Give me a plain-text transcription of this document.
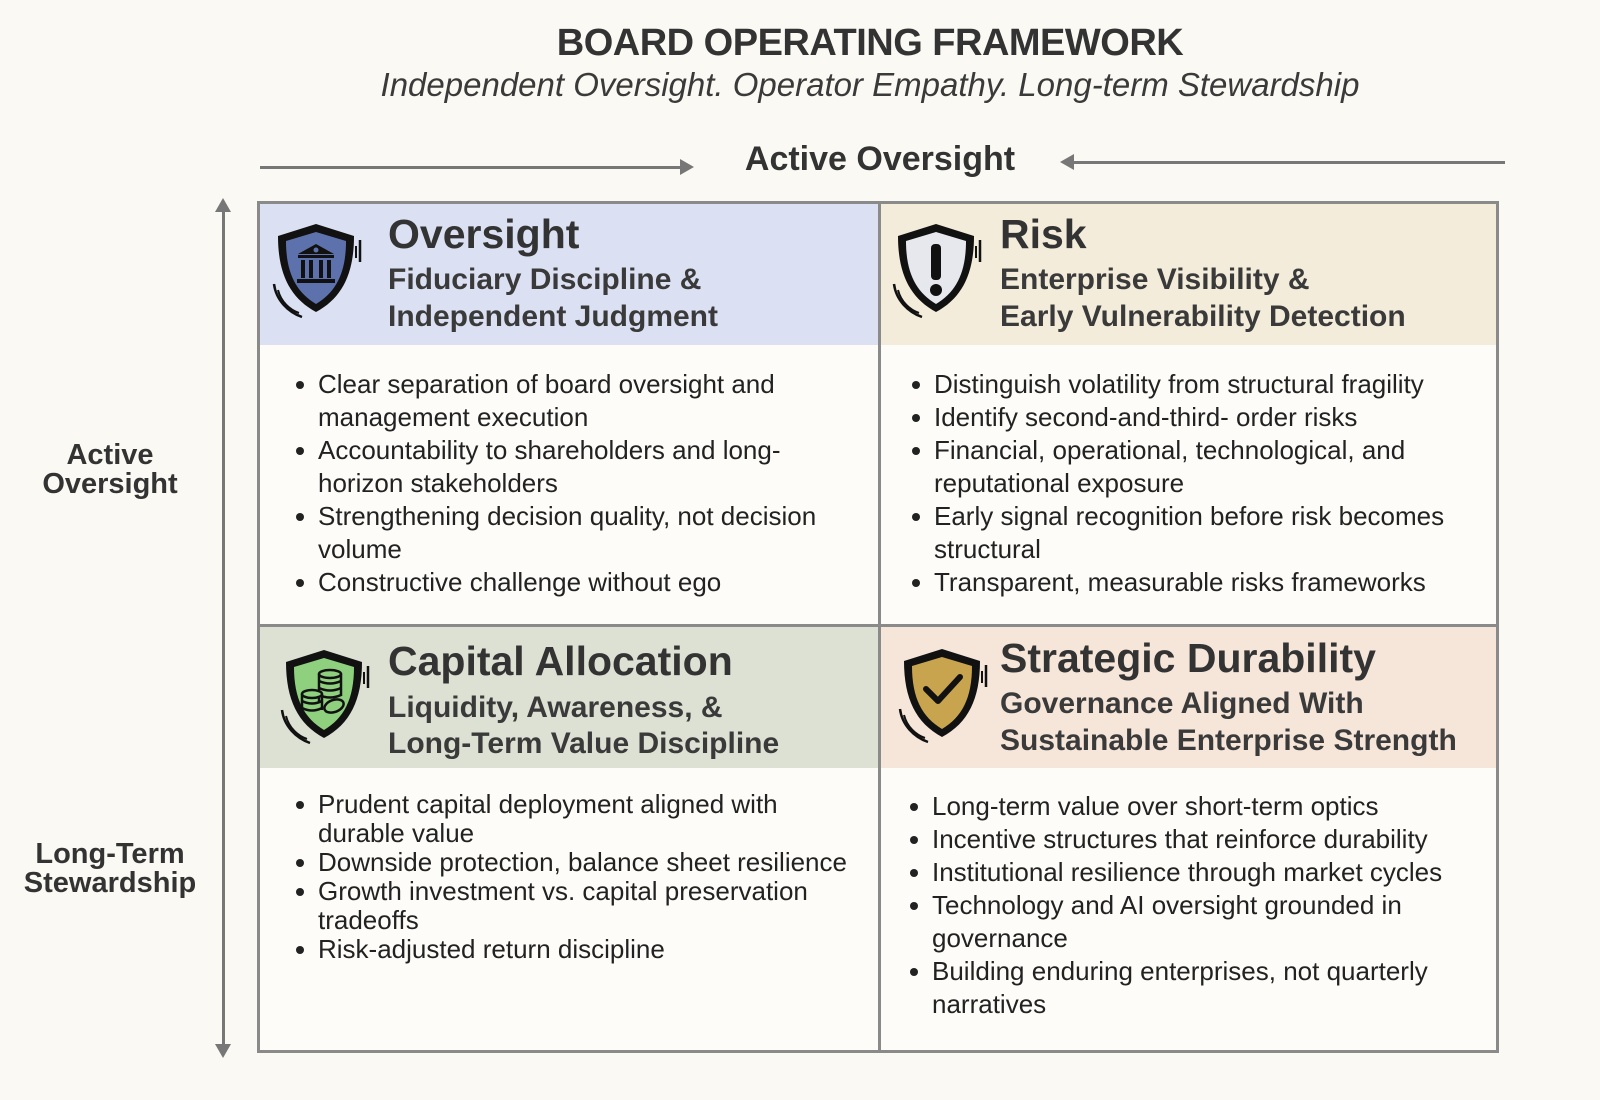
BOARD OPERATING FRAMEWORK
Independent Oversight. Operator Empathy. Long-term Stewardship
Active Oversight
Active
Oversight
Long-Term
Stewardship
Oversight
Fiduciary Discipline &
Independent Judgment
Clear separation of board oversight and management execution
Accountability to shareholders and long-horizon stakeholders
Strengthening decision quality, not decision volume
Constructive challenge without ego
Risk
Enterprise Visibility &
Early Vulnerability Detection
Distinguish volatility from structural fragility
Identify second-and-third- order risks
Financial, operational, technological, and reputational exposure
Early signal recognition before risk becomes structural
Transparent, measurable risks frameworks
Capital Allocation
Liquidity, Awareness, &
Long-Term Value Discipline
Prudent capital deployment aligned with durable value
Downside protection, balance sheet resilience
Growth investment vs. capital preservation tradeoffs
Risk-adjusted return discipline
Strategic Durability
Governance Aligned With
Sustainable Enterprise Strength
Long-term value over short-term optics
Incentive structures that reinforce durability
Institutional resilience through market cycles
Technology and AI oversight grounded in governance
Building enduring enterprises, not quarterly narratives
